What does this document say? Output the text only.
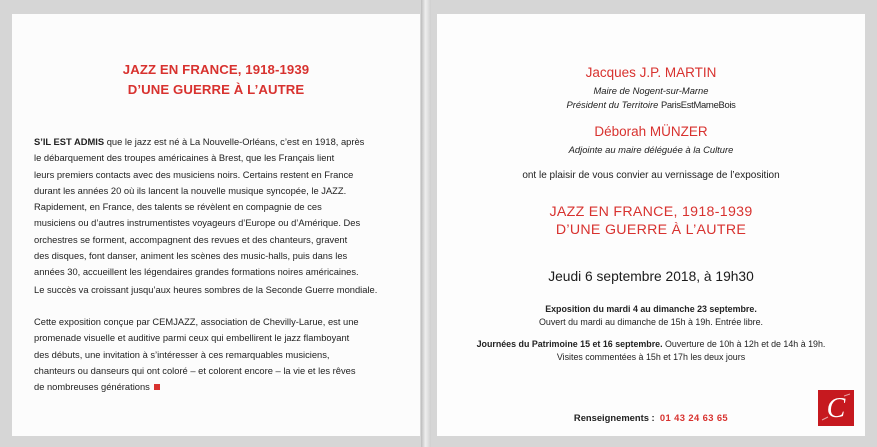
JAZZ EN FRANCE, 1918-1939
D’UNE GUERRE À L’AUTRE
S’IL EST ADMIS que le jazz est né à La Nouvelle-Orléans, c’est en 1918, après
le débarquement des troupes américaines à Brest, que les Français lient
leurs premiers contacts avec des musiciens noirs. Certains restent en France
durant les années 20 où ils lancent la nouvelle musique syncopée, le JAZZ.
Rapidement, en France, des talents se révèlent en compagnie de ces
musiciens ou d’autres instrumentistes voyageurs d’Europe ou d’Amérique. Des
orchestres se forment, accompagnent des revues et des chanteurs, gravent
des disques, font danser, animent les scènes des music-halls, puis dans les
années 30, accueillent les légendaires grandes formations noires américaines.
Le succès va croissant jusqu’aux heures sombres de la Seconde Guerre mondiale.
Cette exposition conçue par CEMJAZZ, association de Chevilly-Larue, est une
promenade visuelle et auditive parmi ceux qui embellirent le jazz flamboyant
des débuts, une invitation à s’intéresser à ces remarquables musiciens,
chanteurs ou danseurs qui ont coloré – et colorent encore – la vie et les rêves
de nombreuses générations
Jacques J.P. MARTIN
Maire de Nogent-sur-Marne
Président du Territoire ParisEstMarneBois
Déborah MÜNZER
Adjointe au maire déléguée à la Culture
ont le plaisir de vous convier au vernissage de l’exposition
JAZZ EN FRANCE, 1918-1939
D’UNE GUERRE À L’AUTRE
Jeudi 6 septembre 2018, à 19h30
Exposition du mardi 4 au dimanche 23 septembre.
Ouvert du mardi au dimanche de 15h à 19h. Entrée libre.
Journées du Patrimoine 15 et 16 septembre. Ouverture de 10h à 12h et de 14h à 19h.
Visites commentées à 15h et 17h les deux jours
Renseignements : 01 43 24 63 65	C
